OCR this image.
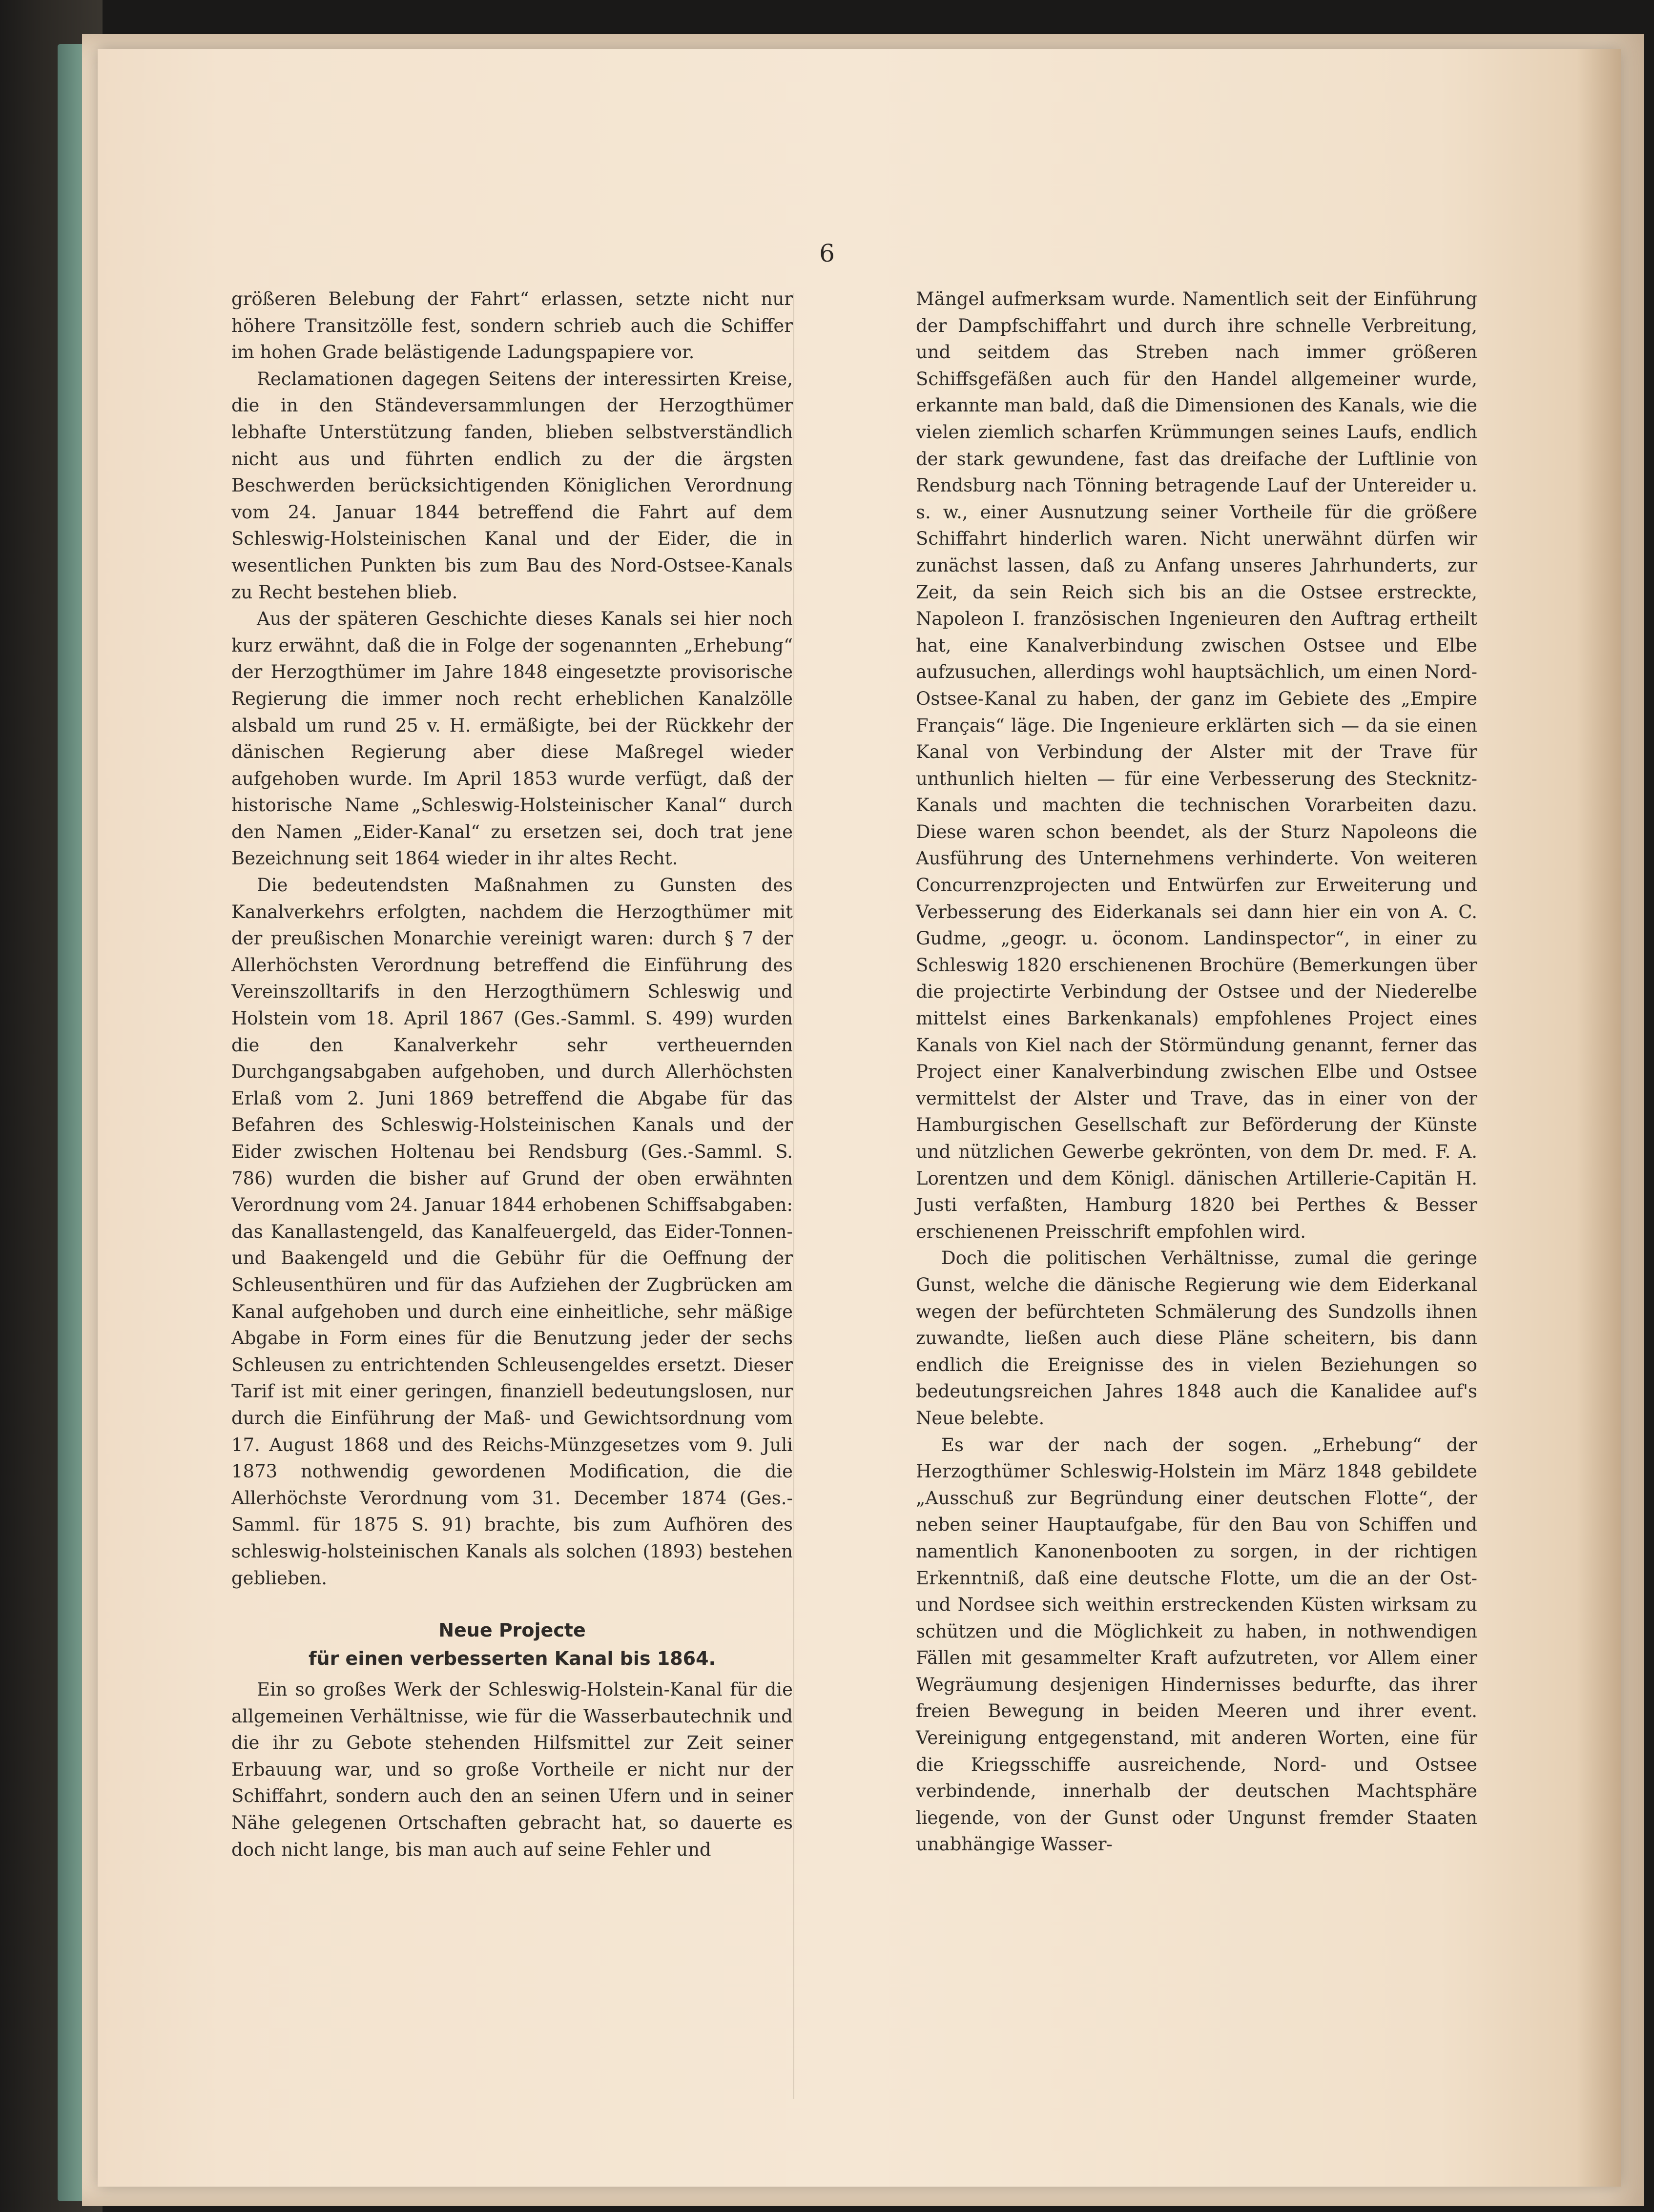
6

größeren Belebung der Fahrt“ erlassen, setzte nicht nur höhere Transitzölle fest, sondern schrieb auch die Schiffer im hohen Grade belästigende Ladungspapiere vor.

Reclamationen dagegen Seitens der interessirten Kreise, die in den Ständeversammlungen der Herzogthümer lebhafte Unterstützung fanden, blieben selbstverständlich nicht aus und führten endlich zu der die ärgsten Beschwerden berücksichtigenden Königlichen Verordnung vom 24. Januar 1844 betreffend die Fahrt auf dem Schleswig-Holsteinischen Kanal und der Eider, die in wesentlichen Punkten bis zum Bau des Nord-Ostsee-Kanals zu Recht bestehen blieb.

Aus der späteren Geschichte dieses Kanals sei hier noch kurz erwähnt, daß die in Folge der sogenannten „Erhebung“ der Herzogthümer im Jahre 1848 eingesetzte provisorische Regierung die immer noch recht erheblichen Kanalzölle alsbald um rund 25 v. H. ermäßigte, bei der Rückkehr der dänischen Regierung aber diese Maßregel wieder aufgehoben wurde. Im April 1853 wurde verfügt, daß der historische Name „Schleswig-Holsteinischer Kanal“ durch den Namen „Eider-Kanal“ zu ersetzen sei, doch trat jene Bezeichnung seit 1864 wieder in ihr altes Recht.

Die bedeutendsten Maßnahmen zu Gunsten des Kanalverkehrs erfolgten, nachdem die Herzogthümer mit der preußischen Monarchie vereinigt waren: durch § 7 der Allerhöchsten Verordnung betreffend die Einführung des Vereinszolltarifs in den Herzogthümern Schleswig und Holstein vom 18. April 1867 (Ges.-Samml. S. 499) wurden die den Kanalverkehr sehr vertheuernden Durchgangsabgaben aufgehoben, und durch Allerhöchsten Erlaß vom 2. Juni 1869 betreffend die Abgabe für das Befahren des Schleswig-Holsteinischen Kanals und der Eider zwischen Holtenau bei Rendsburg (Ges.-Samml. S. 786) wurden die bisher auf Grund der oben erwähnten Verordnung vom 24. Januar 1844 erhobenen Schiffsabgaben: das Kanallastengeld, das Kanalfeuergeld, das Eider-Tonnen- und Baakengeld und die Gebühr für die Oeffnung der Schleusenthüren und für das Aufziehen der Zugbrücken am Kanal aufgehoben und durch eine einheitliche, sehr mäßige Abgabe in Form eines für die Benutzung jeder der sechs Schleusen zu entrichtenden Schleusengeldes ersetzt. Dieser Tarif ist mit einer geringen, finanziell bedeutungslosen, nur durch die Einführung der Maß- und Gewichtsordnung vom 17. August 1868 und des Reichs-Münzgesetzes vom 9. Juli 1873 nothwendig gewordenen Modification, die die Allerhöchste Verordnung vom 31. December 1874 (Ges.-Samml. für 1875 S. 91) brachte, bis zum Aufhören des schleswig-holsteinischen Kanals als solchen (1893) bestehen geblieben.

Neue Projecte
für einen verbesserten Kanal bis 1864.

Ein so großes Werk der Schleswig-Holstein-Kanal für die allgemeinen Verhältnisse, wie für die Wasserbautechnik und die ihr zu Gebote stehenden Hilfsmittel zur Zeit seiner Erbauung war, und so große Vortheile er nicht nur der Schiffahrt, sondern auch den an seinen Ufern und in seiner Nähe gelegenen Ortschaften gebracht hat, so dauerte es doch nicht lange, bis man auch auf seine Fehler und

Mängel aufmerksam wurde. Namentlich seit der Einführung der Dampfschiffahrt und durch ihre schnelle Verbreitung, und seitdem das Streben nach immer größeren Schiffsgefäßen auch für den Handel allgemeiner wurde, erkannte man bald, daß die Dimensionen des Kanals, wie die vielen ziemlich scharfen Krümmungen seines Laufs, endlich der stark gewundene, fast das dreifache der Luftlinie von Rendsburg nach Tönning betragende Lauf der Untereider u. s. w., einer Ausnutzung seiner Vortheile für die größere Schiffahrt hinderlich waren. Nicht unerwähnt dürfen wir zunächst lassen, daß zu Anfang unseres Jahrhunderts, zur Zeit, da sein Reich sich bis an die Ostsee erstreckte, Napoleon I. französischen Ingenieuren den Auftrag ertheilt hat, eine Kanalverbindung zwischen Ostsee und Elbe aufzusuchen, allerdings wohl hauptsächlich, um einen Nord-Ostsee-Kanal zu haben, der ganz im Gebiete des „Empire Français“ läge. Die Ingenieure erklärten sich — da sie einen Kanal von Verbindung der Alster mit der Trave für unthunlich hielten — für eine Verbesserung des Stecknitz-Kanals und machten die technischen Vorarbeiten dazu. Diese waren schon beendet, als der Sturz Napoleons die Ausführung des Unternehmens verhinderte. Von weiteren Concurrenzprojecten und Entwürfen zur Erweiterung und Verbesserung des Eiderkanals sei dann hier ein von A. C. Gudme, „geogr. u. öconom. Landinspector“, in einer zu Schleswig 1820 erschienenen Brochüre (Bemerkungen über die projectirte Verbindung der Ostsee und der Niederelbe mittelst eines Barkenkanals) empfohlenes Project eines Kanals von Kiel nach der Störmündung genannt, ferner das Project einer Kanalverbindung zwischen Elbe und Ostsee vermittelst der Alster und Trave, das in einer von der Hamburgischen Gesellschaft zur Beförderung der Künste und nützlichen Gewerbe gekrönten, von dem Dr. med. F. A. Lorentzen und dem Königl. dänischen Artillerie-Capitän H. Justi verfaßten, Hamburg 1820 bei Perthes & Besser erschienenen Preisschrift empfohlen wird.

Doch die politischen Verhältnisse, zumal die geringe Gunst, welche die dänische Regierung wie dem Eiderkanal wegen der befürchteten Schmälerung des Sundzolls ihnen zuwandte, ließen auch diese Pläne scheitern, bis dann endlich die Ereignisse des in vielen Beziehungen so bedeutungsreichen Jahres 1848 auch die Kanalidee auf's Neue belebte.

Es war der nach der sogen. „Erhebung“ der Herzogthümer Schleswig-Holstein im März 1848 gebildete „Ausschuß zur Begründung einer deutschen Flotte“, der neben seiner Hauptaufgabe, für den Bau von Schiffen und namentlich Kanonenbooten zu sorgen, in der richtigen Erkenntniß, daß eine deutsche Flotte, um die an der Ost- und Nordsee sich weithin erstreckenden Küsten wirksam zu schützen und die Möglichkeit zu haben, in nothwendigen Fällen mit gesammelter Kraft aufzutreten, vor Allem einer Wegräumung desjenigen Hindernisses bedurfte, das ihrer freien Bewegung in beiden Meeren und ihrer event. Vereinigung entgegenstand, mit anderen Worten, eine für die Kriegsschiffe ausreichende, Nord- und Ostsee verbindende, innerhalb der deutschen Machtsphäre liegende, von der Gunst oder Ungunst fremder Staaten unabhängige Wasser-
